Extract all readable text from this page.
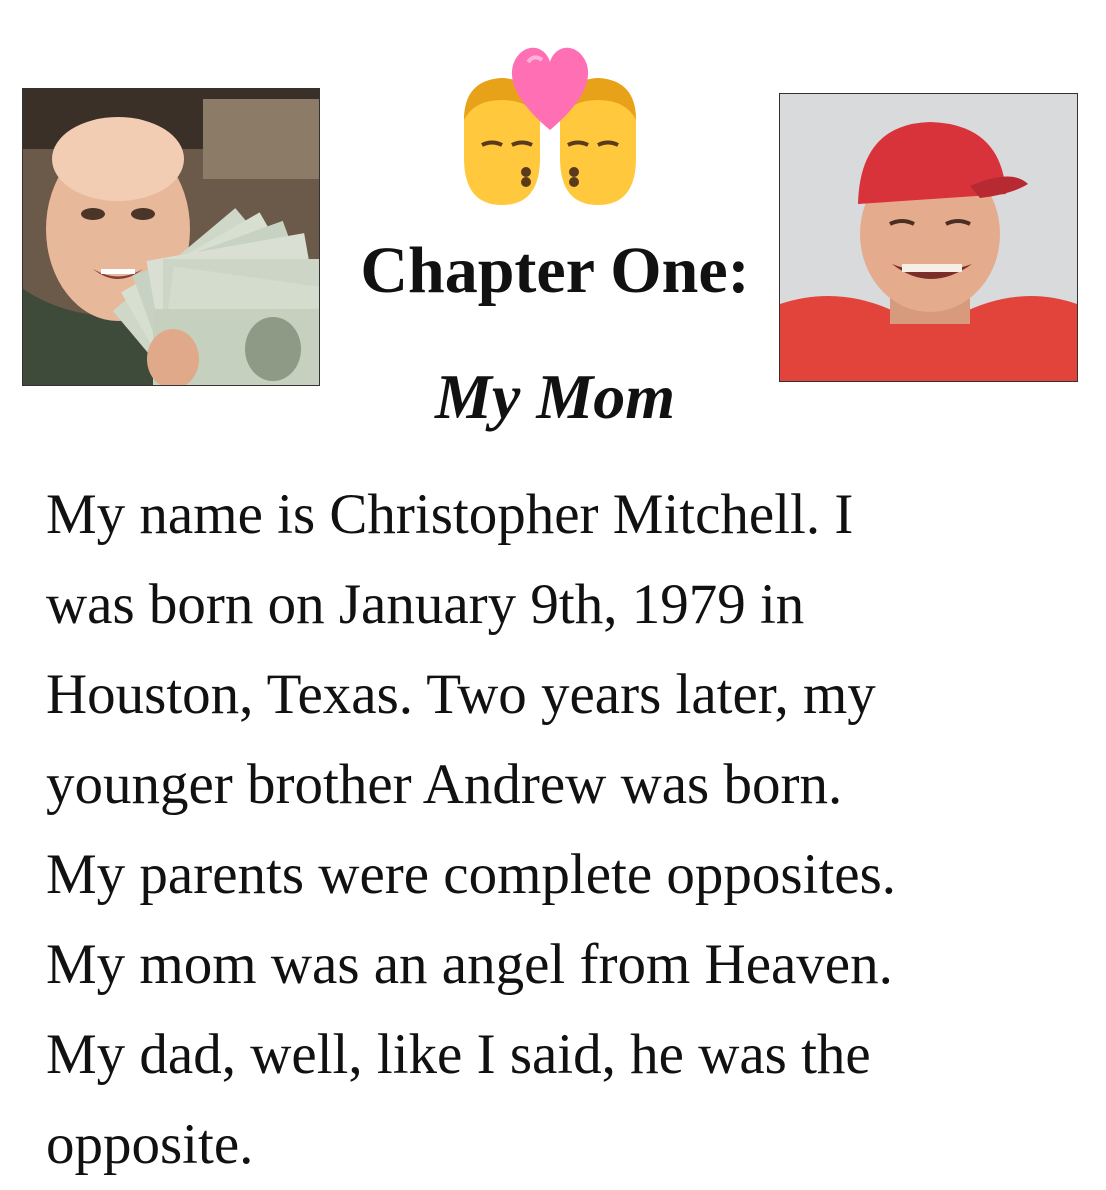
Chapter One:
My Mom

My name is Christopher Mitchell. I
was born on January 9th, 1979 in
Houston, Texas. Two years later, my
younger brother Andrew was born.
My parents were complete opposites.
My mom was an angel from Heaven.
My dad, well, like I said, he was the
opposite.
